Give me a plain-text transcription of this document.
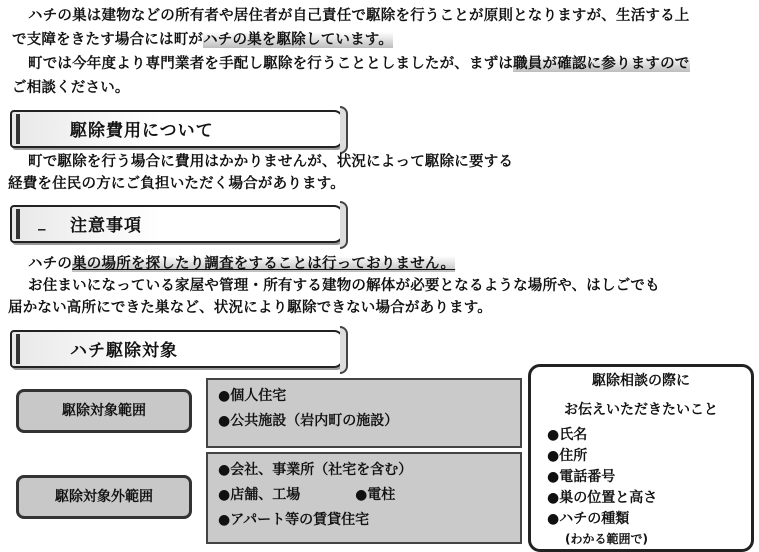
ハチの巣は建物などの所有者や居住者が自己責任で駆除を行うことが原則となりますが、生活する上
で支障をきたす場合には町がハチの巣を駆除しています。
町では今年度より専門業者を手配し駆除を行うこととしましたが、まずは職員が確認に参りますので
ご相談ください。
駆除費用について
町で駆除を行う場合に費用はかかりませんが、状況によって駆除に要する
経費を住民の方にご負担いただく場合があります。
注意事項
_
ハチの巣の場所を探したり調査をすることは行っておりません。
お住まいになっている家屋や管理・所有する建物の解体が必要となるような場所や、はしごでも
届かない高所にできた巣など、状況により駆除できない場合があります。
ハチ駆除対象
駆除対象範囲
●個人住宅
●公共施設（岩内町の施設）
駆除対象外範囲
●会社、事業所（社宅を含む）
●店舗、工場	●電柱
●アパート等の賃貸住宅
駆除相談の際に
お伝えいただきたいこと
●氏名
●住所
●電話番号
●巣の位置と高さ
●ハチの種類
(わかる範囲で)
